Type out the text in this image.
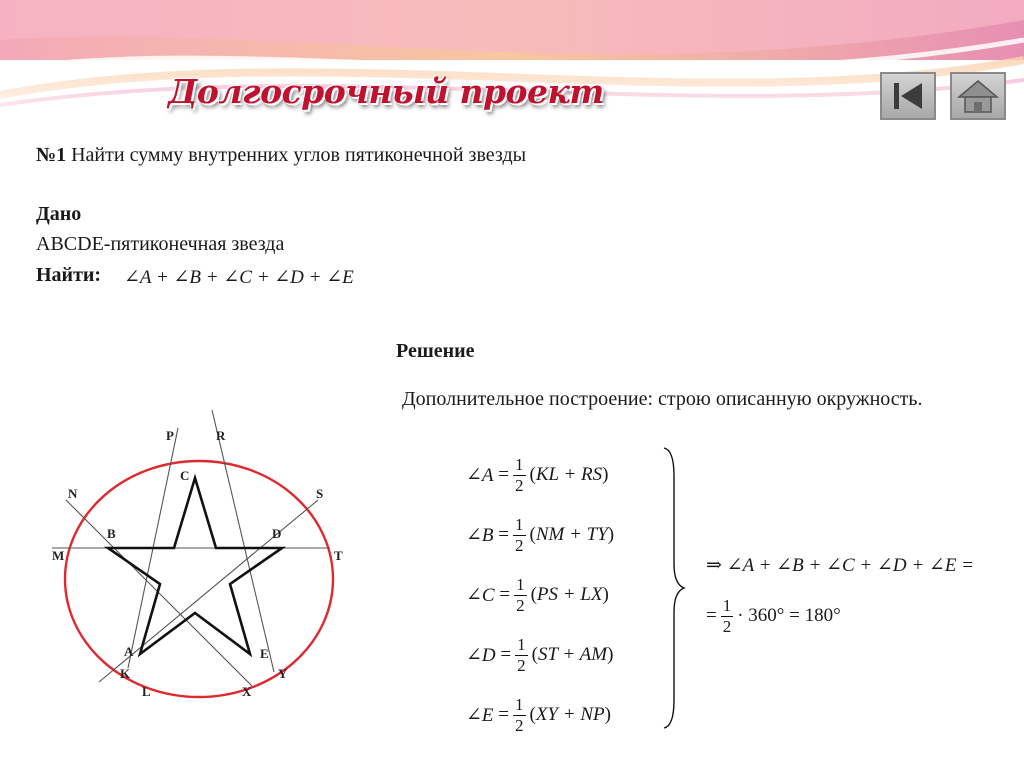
Долгосрочный проект

№1 Найти сумму внутренних углов пятиконечной звезды

Дано
ABCDE-пятиконечная звезда
Найти: ∠A + ∠B + ∠C + ∠D + ∠E
Решение
Дополнительное построение: строю описанную окружность.
P	R
C
N	S
B	D
M	T
A
K
L
E
Y
X
∠A
= $\frac{1}{2}$ ( KL + RS )
∠B
= $\frac{1}{2}$ ( NM + TY )
∠C
= $\frac{1}{2}$ ( PS + LX )
∠D
= $\frac{1}{2}$ ( ST + AM )
∠E
= $\frac{1}{2}$ ( XY + NP )
⇒ ∠A + ∠B + ∠C + ∠D + ∠E =
= $\frac{1}{2} \cdot 360^\circ = 180^\circ$
